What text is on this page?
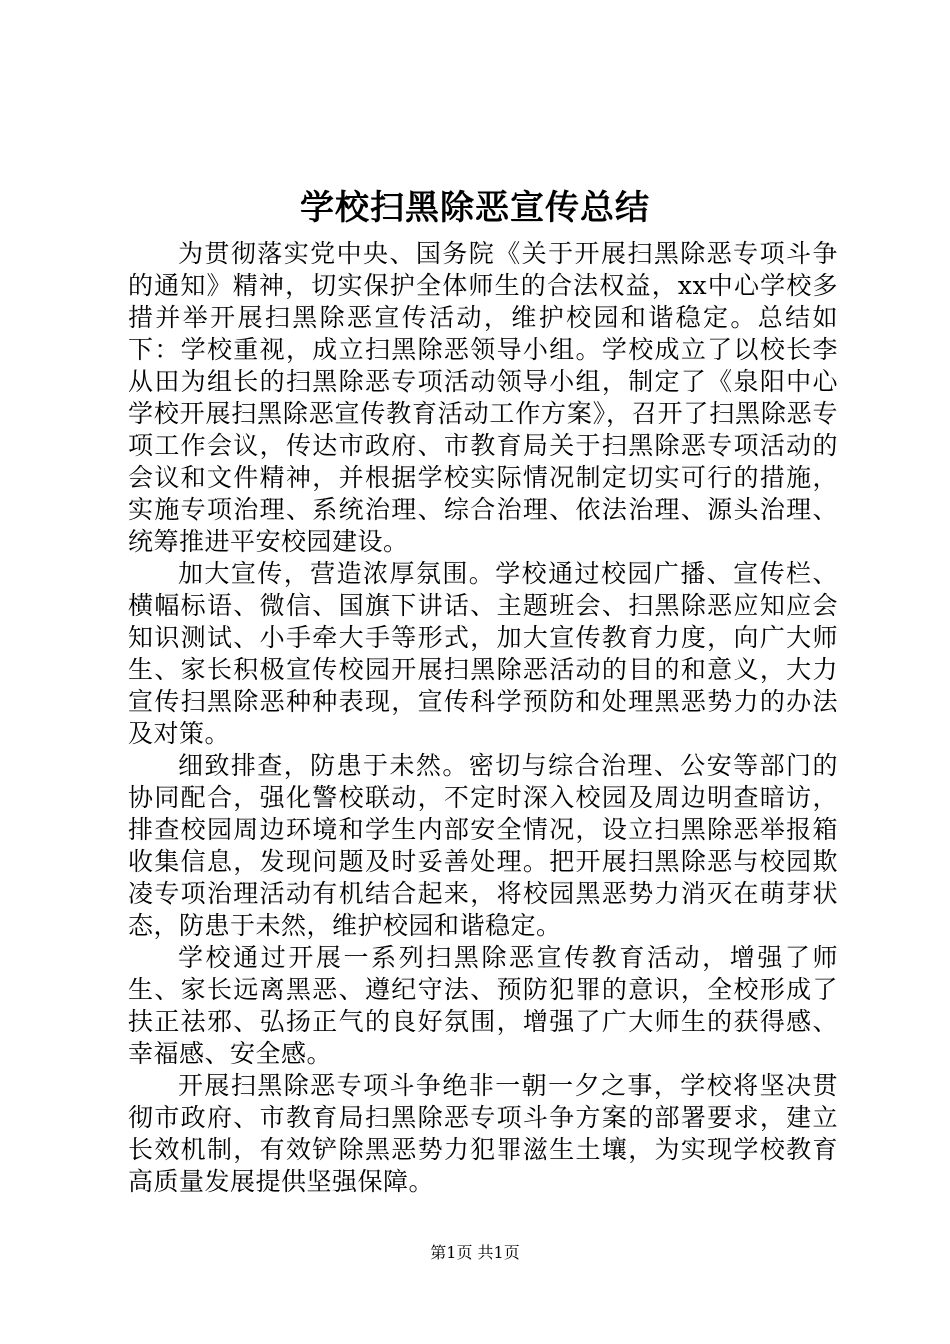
学校扫黑除恶宣传总结

为贯彻落实党中央、国务院《关于开展扫黑除恶专项斗争的通知》精神，切实保护全体师生的合法权益，xx中心学校多措并举开展扫黑除恶宣传活动，维护校园和谐稳定。总结如下：学校重视，成立扫黑除恶领导小组。学校成立了以校长李从田为组长的扫黑除恶专项活动领导小组，制定了《泉阳中心学校开展扫黑除恶宣传教育活动工作方案》，召开了扫黑除恶专项工作会议，传达市政府、市教育局关于扫黑除恶专项活动的会议和文件精神，并根据学校实际情况制定切实可行的措施，实施专项治理、系统治理、综合治理、依法治理、源头治理、统筹推进平安校园建设。

加大宣传，营造浓厚氛围。学校通过校园广播、宣传栏、横幅标语、微信、国旗下讲话、主题班会、扫黑除恶应知应会知识测试、小手牵大手等形式，加大宣传教育力度，向广大师生、家长积极宣传校园开展扫黑除恶活动的目的和意义，大力宣传扫黑除恶种种表现，宣传科学预防和处理黑恶势力的办法及对策。

细致排查，防患于未然。密切与综合治理、公安等部门的协同配合，强化警校联动，不定时深入校园及周边明查暗访，排查校园周边环境和学生内部安全情况，设立扫黑除恶举报箱收集信息，发现问题及时妥善处理。把开展扫黑除恶与校园欺凌专项治理活动有机结合起来，将校园黑恶势力消灭在萌芽状态，防患于未然，维护校园和谐稳定。

学校通过开展一系列扫黑除恶宣传教育活动，增强了师生、家长远离黑恶、遵纪守法、预防犯罪的意识，全校形成了扶正祛邪、弘扬正气的良好氛围，增强了广大师生的获得感、幸福感、安全感。

开展扫黑除恶专项斗争绝非一朝一夕之事，学校将坚决贯彻市政府、市教育局扫黑除恶专项斗争方案的部署要求，建立长效机制，有效铲除黑恶势力犯罪滋生土壤，为实现学校教育高质量发展提供坚强保障。

第1页 共1页
